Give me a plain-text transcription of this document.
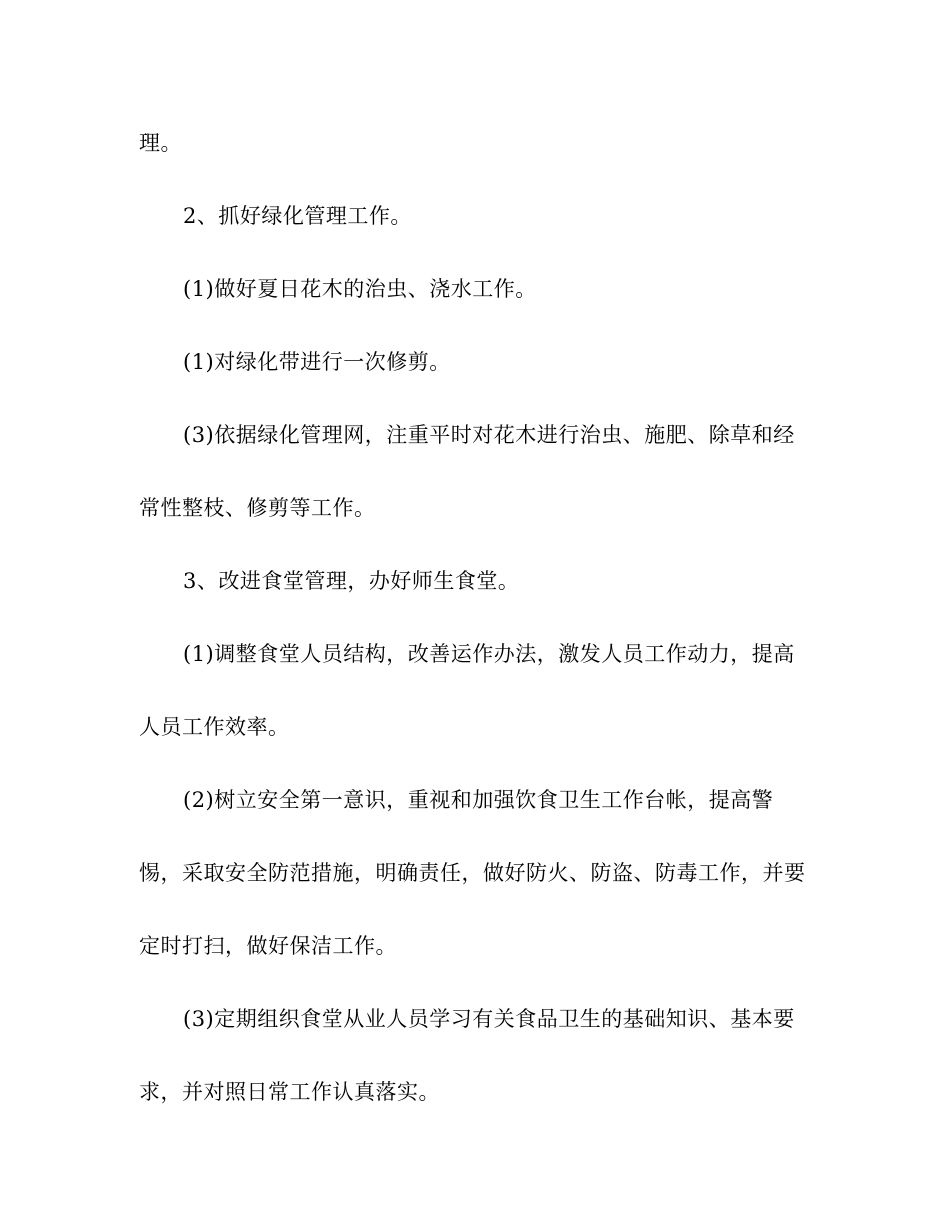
理。
2、抓好绿化管理工作。
(1)做好夏日花木的治虫、浇水工作。
(1)对绿化带进行一次修剪。
(3)依据绿化管理网，注重平时对花木进行治虫、施肥、除草和经
常性整枝、修剪等工作。
3、改进食堂管理，办好师生食堂。
(1)调整食堂人员结构，改善运作办法，激发人员工作动力，提高
人员工作效率。
(2)树立安全第一意识，重视和加强饮食卫生工作台帐，提高警
惕，采取安全防范措施，明确责任，做好防火、防盗、防毒工作，并要
定时打扫，做好保洁工作。
(3)定期组织食堂从业人员学习有关食品卫生的基础知识、基本要
求，并对照日常工作认真落实。
